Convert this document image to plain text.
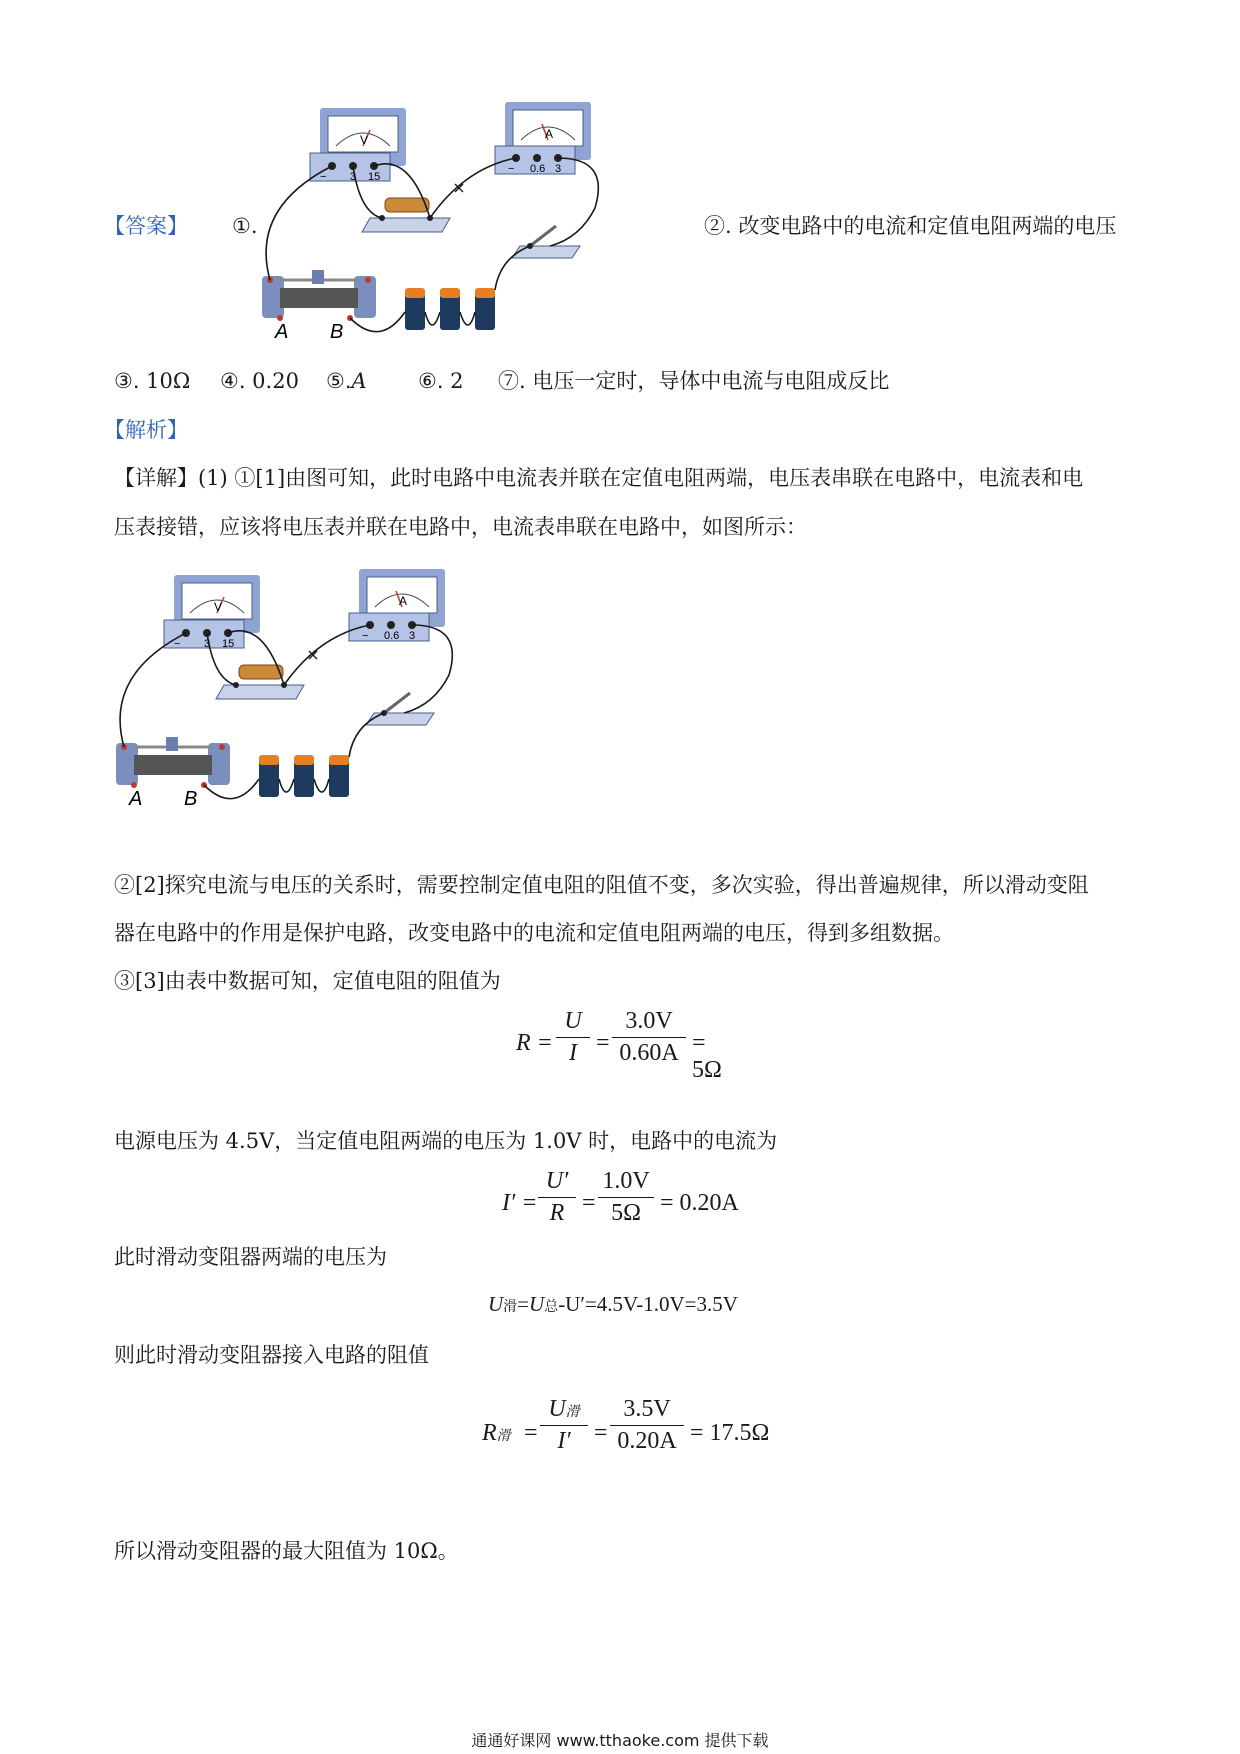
【答案】 ①.
V
−
A
− 3 15
0.6 3
A B
②. 改变电路中的电流和定值电阻两端的电压
③. 10Ω ④. 0.20 ⑤.A ⑥. 2 ⑦. 电压一定时，导体中电流与电阻成反比
【解析】
【详解】(1) ①[1]由图可知，此时电路中电流表并联在定值电阻两端，电压表串联在电路中，电流表和电
压表接错，应该将电压表并联在电路中，电流表串联在电路中，如图所示：
V	A
− 3 15
− 0.6 3
A B
②[2]探究电流与电压的关系时，需要控制定值电阻的阻值不变，多次实验，得出普遍规律，所以滑动变阻
器在电路中的作用是保护电路，改变电路中的电流和定值电阻两端的电压，得到多组数据。
③[3]由表中数据可知，定值电阻的阻值为
$R = \frac{U}{I} = \frac{3.0V}{0.60A} = 5\Omega$
电源电压为 4.5V，当定值电阻两端的电压为 1.0V 时，电路中的电流为
$I' = \frac{U'}{R} = \frac{1.0V}{5\Omega} = 0.20A$
此时滑动变阻器两端的电压为
U滑=U总-U′=4.5V-1.0V=3.5V
则此时滑动变阻器接入电路的阻值
R滑 =
U滑
$I' = \frac{3.5V}{0.20A} = 17.5\Omega$
所以滑动变阻器的最大阻值为 10Ω。
通通好课网 www.tthaoke.com 提供下载
